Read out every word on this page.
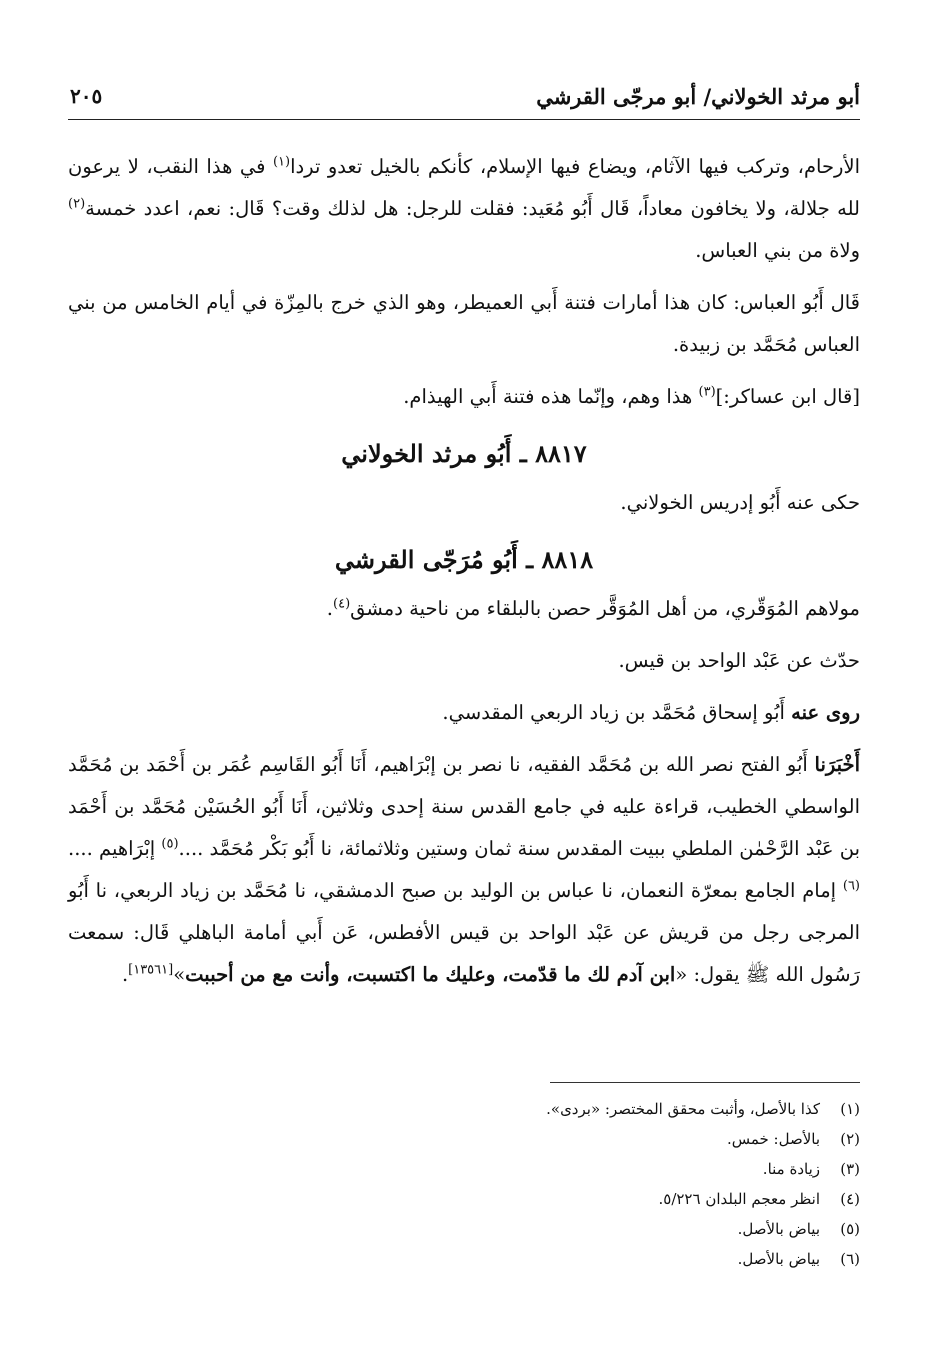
أبو مرثد الخولاني/ أبو مرجّى القرشي
٢٠٥

الأرحام، وتركب فيها الآثام، ويضاع فيها الإسلام، كأنكم بالخيل تعدو تردا$^{(١)}$ في هذا النقب، لا يرعون لله جلالة، ولا يخافون معاداً، قَال أَبُو مُعَيد: فقلت للرجل: هل لذلك وقت؟ قَال: نعم، اعدد خمسة$^{(٢)}$ ولاة من بني العباس.

قَال أَبُو العباس: كان هذا أمارات فتنة أَبي العميطر، وهو الذي خرج بالمِزّة في أيام الخامس من بني العباس مُحَمَّد بن زبيدة.

[قال ابن عساكر:]$^{(٣)}$ هذا وهم، وإنّما هذه فتنة أَبي الهيذام.

٨٨١٧ ـ أَبُو مرثد الخولاني

حكى عنه أَبُو إدريس الخولاني.

٨٨١٨ ـ أَبُو مُرَجّى القرشي

مولاهم المُوَقّري، من أهل المُوَقَّر حصن بالبلقاء من ناحية دمشق$^{(٤)}$.

حدّث عن عَبْد الواحد بن قيس.

روى عنه أَبُو إسحاق مُحَمَّد بن زياد الربعي المقدسي.

أَخْبَرَنا أَبُو الفتح نصر الله بن مُحَمَّد الفقيه، نا نصر بن إبْرَاهيم، أَنَا أَبُو القَاسِم عُمَر بن أَحْمَد بن مُحَمَّد الواسطي الخطيب، قراءة عليه في جامع القدس سنة إحدى وثلاثين، أَنَا أَبُو الحُسَيْن مُحَمَّد بن أَحْمَد بن عَبْد الرَّحْمٰن الملطي ببيت المقدس سنة ثمان وستين وثلاثمائة، نا أَبُو بَكْر مُحَمَّد ....$^{(٥)}$ إبْرَاهيم ....$^{(٦)}$ إمام الجامع بمعرّة النعمان، نا عباس بن الوليد بن صبح الدمشقي، نا مُحَمَّد بن زياد الربعي، نا أَبُو المرجى رجل من قريش عن عَبْد الواحد بن قيس الأفطس، عَن أَبي أمامة الباهلي قَال: سمعت رَسُول الله ﷺ يقول: «ابن آدم لك ما قدّمت، وعليك ما اكتسبت، وأنت مع من أحببت»[١٣٥٦١].

(١)
كذا بالأصل، وأثبت محقق المختصر: «بردى».
(٢)
بالأصل: خمس.
(٣)
زيادة منا.
(٤)
انظر معجم البلدان ٥/٢٢٦.
(٥)
بياض بالأصل.
(٦)
بياض بالأصل.
